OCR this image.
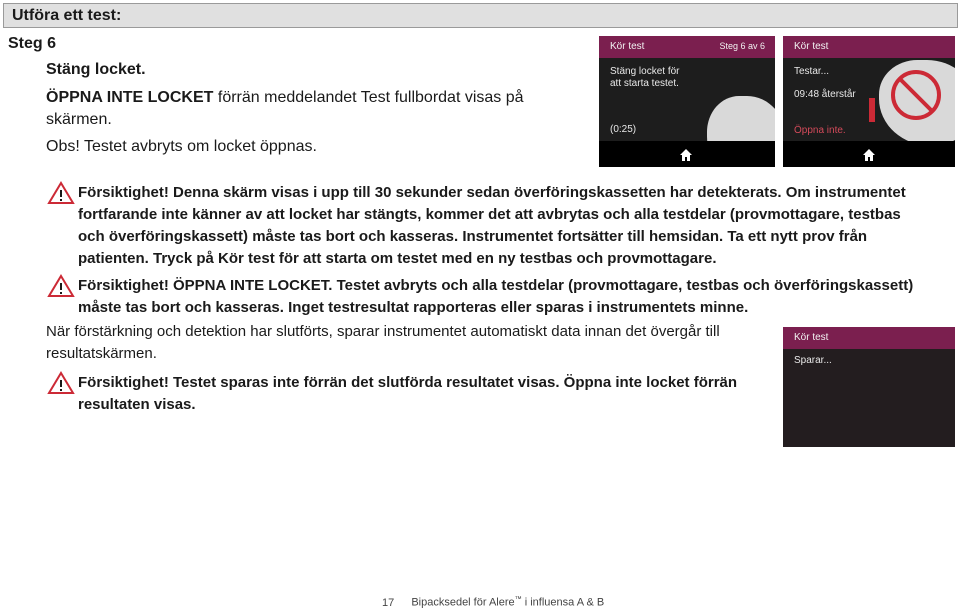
Utföra ett test:
Steg 6
Stäng locket.
ÖPPNA INTE LOCKET förrän meddelandet Test fullbordat visas på skärmen.
Obs! Testet avbryts om locket öppnas.
Kör test	Steg 6 av 6
Stäng locket för
att starta testet.
(0:25)
Kör test
Testar...
09:48 återstår
Öppna inte.
Försiktighet! Denna skärm visas i upp till 30 sekunder sedan överföringskassetten har detekterats. Om instrumentet fortfarande inte känner av att locket har stängts, kommer det att avbrytas och alla testdelar (provmottagare, testbas och överföringskassett) måste tas bort och kasseras. Instrumentet fortsätter till hemsidan. Ta ett nytt prov från patienten. Tryck på Kör test för att starta om testet med en ny testbas och provmottagare.
Försiktighet! ÖPPNA INTE LOCKET. Testet avbryts och alla testdelar (provmottagare, testbas och överföringskassett) måste tas bort och kasseras. Inget testresultat rapporteras eller sparas i instrumentets minne.
När förstärkning och detektion har slutförts, sparar instrumentet automatiskt data innan det övergår till resultatskärmen.
Kör test
Sparar...
Försiktighet! Testet sparas inte förrän det slutförda resultatet visas. Öppna inte locket förrän resultaten visas.
17 Bipacksedel för Alere™ i influensa A & B
